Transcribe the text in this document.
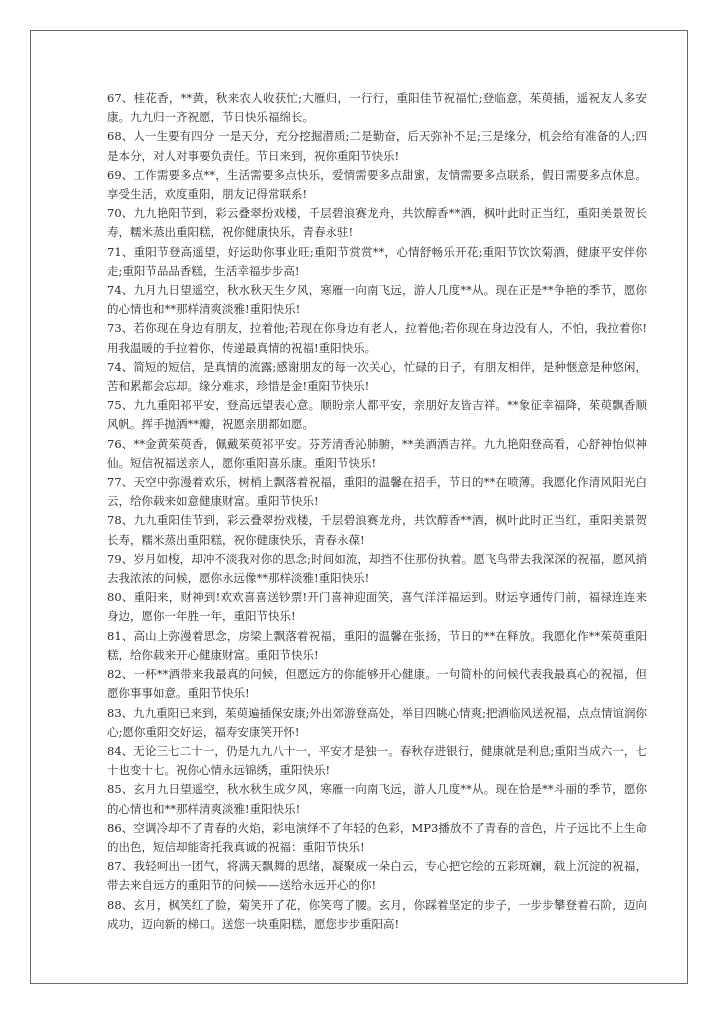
67、桂花香，**黄，秋来农人收获忙;大雁归，一行行，重阳佳节祝福忙;登临意，茱萸插，遥祝友人多安康。九九归一齐祝愿，节日快乐福绵长。

68、人一生要有四分 一是天分，充分挖掘潜质;二是勤奋，后天弥补不足;三是缘分，机会给有准备的人;四是本分，对人对事要负责任。节日来到，祝你重阳节快乐!

69、工作需要多点**，生活需要多点快乐，爱情需要多点甜蜜，友情需要多点联系，假日需要多点休息。享受生活，欢度重阳，朋友记得常联系!

70、九九艳阳节到，彩云叠翠扮戏楼，千层碧浪赛龙舟，共饮醇香**酒，枫叶此时正当红，重阳美景贺长寿，糯米蒸出重阳糕，祝你健康快乐，青春永驻!

71、重阳节登高遥望，好运助你事业旺;重阳节赏赏**，心情舒畅乐开花;重阳节饮饮菊酒，健康平安伴你走;重阳节品品香糕，生活幸福步步高!

74、九月九日望遥空，秋水秋天生夕风，寒雁一向南飞远，游人几度**从。现在正是**争艳的季节，愿你的心情也和**那样清爽淡雅!重阳快乐!

73、若你现在身边有朋友，拉着他;若现在你身边有老人，拉着他;若你现在身边没有人，不怕，我拉着你!用我温暖的手拉着你，传递最真情的祝福!重阳快乐。

74、简短的短信，是真情的流露;感谢朋友的每一次关心，忙碌的日子，有朋友相伴，是种惬意是种悠闲，苦和累都会忘却。缘分难求，珍惜是金!重阳节快乐!

75、九九重阳祁平安，登高远望表心意。顺盼亲人都平安，亲朋好友皆吉祥。**象征幸福降，茱萸飘香顺风帆。挥手抛洒**瓣，祝愿亲朋都如愿。

76、**金黄茱萸香，佩戴茱萸祁平安。芬芳清香沁肺腑，**美酒洒吉祥。九九艳阳登高看，心舒神怡似神仙。短信祝福送亲人，愿你重阳喜乐康。重阳节快乐!

77、天空中弥漫着欢乐，树梢上飘落着祝福，重阳的温馨在招手，节日的**在喷薄。我愿化作清风阳光白云，给你载来如意健康财富。重阳节快乐!

78、九九重阳佳节到，彩云叠翠扮戏楼，千层碧浪赛龙舟，共饮醇香**酒，枫叶此时正当红，重阳美景贺长寿，糯米蒸出重阳糕，祝你健康快乐，青春永葆!

79、岁月如梭，却冲不淡我对你的思念;时间如流，却挡不住那份执着。愿飞鸟带去我深深的祝福，愿风捎去我浓浓的问候，愿你永远像**那样淡雅!重阳快乐!

80、重阳来，财神到!欢欢喜喜送钞票!开门喜神迎面笑，喜气洋洋福运到。财运亨通传门前，福禄连连来身边，愿你一年胜一年，重阳节快乐!

81、高山上弥漫着思念，房梁上飘落着祝福，重阳的温馨在张扬，节日的**在释放。我愿化作**茱萸重阳糕，给你载来开心健康财富。重阳节快乐!

82、一杯**酒带来我最真的问候，但愿远方的你能够开心健康。一句简朴的问候代表我最真心的祝福，但愿你事事如意。重阳节快乐!

83、九九重阳已来到，茱萸遍插保安康;外出郊游登高处，举目四眺心情爽;把酒临风送祝福，点点情谊润你心;愿你重阳交好运，福寿安康笑开怀!

84、无论三七二十一，仍是九九八十一，平安才是独一。春秋存进银行，健康就是利息;重阳当成六一，七十也变十七。祝你心情永远锦绣，重阳快乐!

85、玄月九日望遥空，秋水秋生成夕风，寒雁一向南飞远，游人几度**从。现在恰是**斗丽的季节，愿你的心情也和**那样清爽淡雅!重阳快乐!

86、空调冷却不了青春的火焰，彩电演绎不了年轻的色彩，MP3播放不了青春的音色，片子远比不上生命的出色，短信却能寄托我真诚的祝福：重阳节快乐!

87、我轻呵出一团气，将满天飘舞的思绪，凝聚成一朵白云，专心把它绘的五彩斑斓，载上沉淀的祝福，带去来自远方的重阳节的问候——送给永远开心的你!

88、玄月，枫笑红了脸，菊笑开了花，你笑弯了腰。玄月，你踩着坚定的步子，一步步攀登着石阶，迈向成功，迈向新的梯口。送您一块重阳糕，愿您步步重阳高!
